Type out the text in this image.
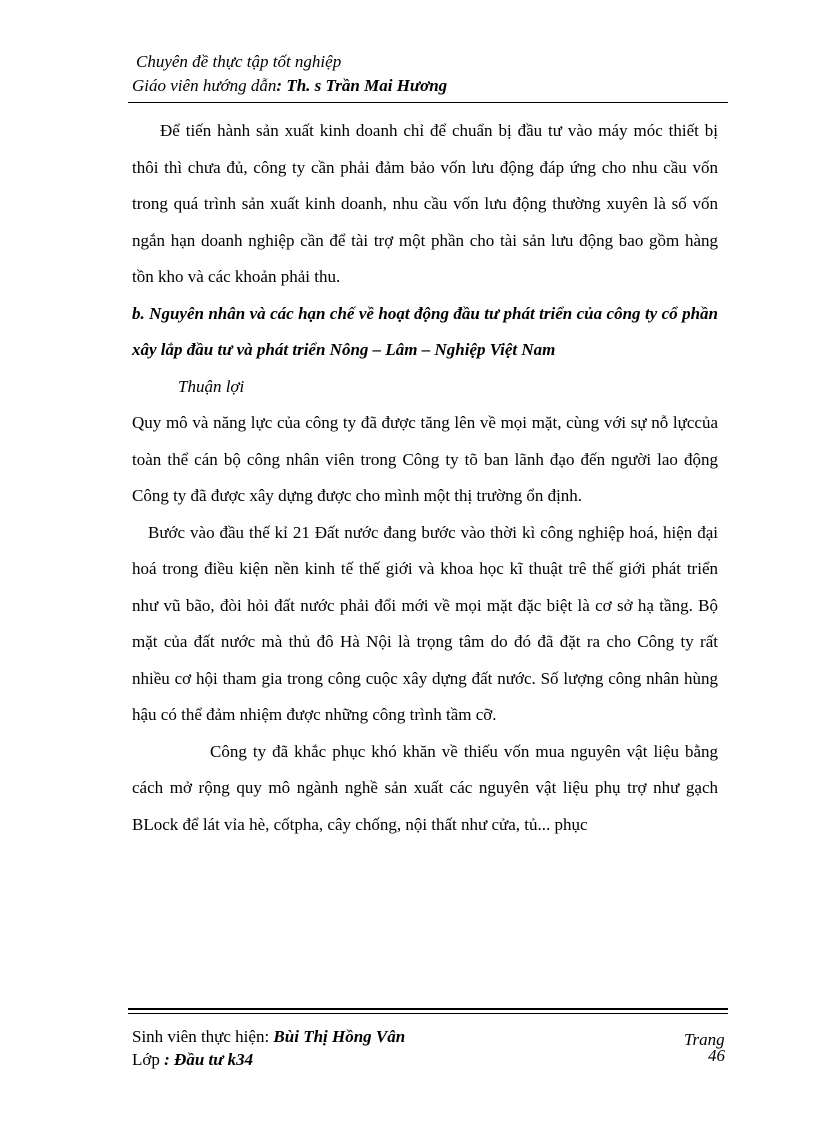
Chuyên đề thực tập tốt nghiệp
Giáo viên hướng dẫn: Th. s Trần Mai Hương

Để tiến hành sản xuất kinh doanh chỉ để chuẩn bị đầu tư vào máy móc thiết bị thôi thì chưa đủ, công ty cần phải đảm bảo vốn lưu động đáp ứng cho nhu cầu vốn trong quá trình sản xuất kinh doanh, nhu cầu vốn lưu động thường xuyên là số vốn ngắn hạn doanh nghiệp cần để tài trợ một phần cho tài sản lưu động bao gồm hàng tồn kho và các khoản phải thu.

b. Nguyên nhân và các hạn chế về hoạt động đầu tư phát triển của công ty cổ phần xây lắp đầu tư và phát triển Nông – Lâm – Nghiệp Việt Nam

Thuận lợi

Quy mô và năng lực của công ty đã được tăng lên về mọi mặt, cùng với sự nỗ lựccủa toàn thể cán bộ công nhân viên trong Công ty tõ ban lãnh đạo đến người lao động Công ty đã được xây dựng được cho mình một thị trường ổn định.

Bước vào đầu thế kỉ 21 Đất nước đang bước vào thời kì công nghiệp hoá, hiện đại hoá trong điều kiện nền kinh tế thế giới và khoa học kĩ thuật trê thế giới phát triển như vũ bão, đòi hỏi đất nước phải đổi mới về mọi mặt đặc biệt là cơ sở hạ tầng. Bộ mặt của đất nước mà thủ đô Hà Nội là trọng tâm do đó đã đặt ra cho Công ty rất nhiều cơ hội tham gia trong công cuộc xây dựng đất nước. Số lượng công nhân hùng hậu có thể đảm nhiệm được những công trình tầm cỡ.

Công ty đã khắc phục khó khăn về thiếu vốn mua nguyên vật liệu bằng cách mở rộng quy mô ngành nghề sản xuất các nguyên vật liệu phụ trợ như gạch BLock để lát vỉa hè, cốtpha, cây chống, nội thất như cửa, tủ... phục

Sinh viên thực hiện: Bùi Thị Hồng Vân
Lớp : Đầu tư k34
Trang
46
